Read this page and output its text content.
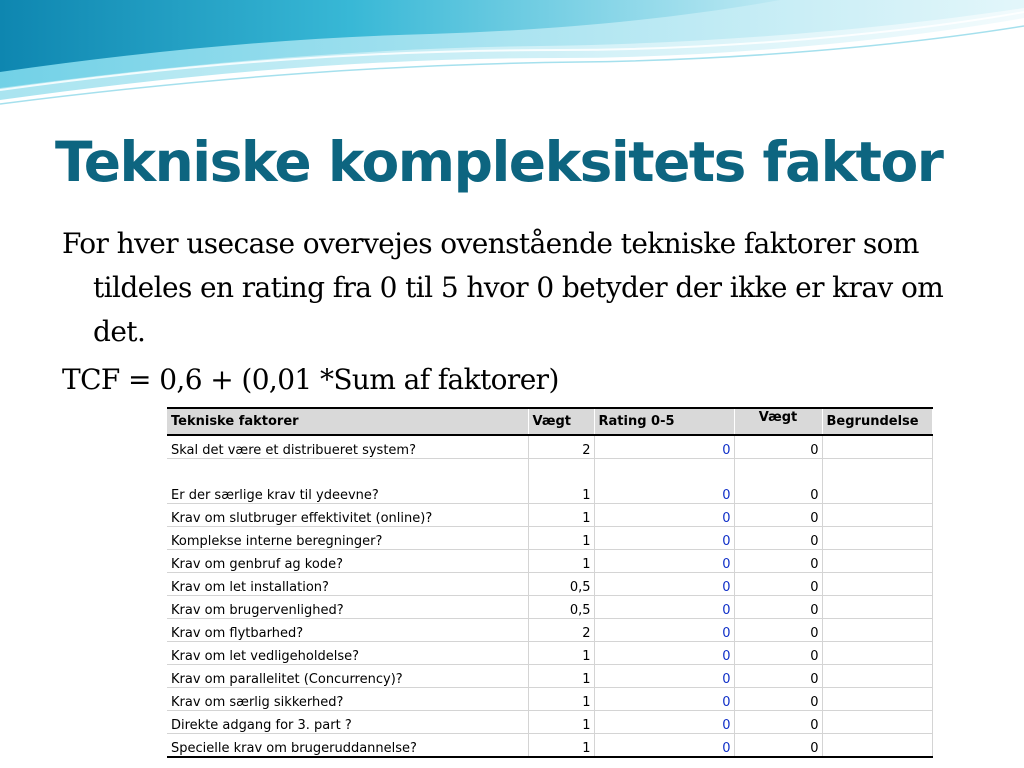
Tekniske kompleksitets faktor

For hver usecase overvejes ovenstående tekniske faktorer som tildeles en rating fra 0 til 5 hvor 0 betyder der ikke er krav om det.

TCF = 0,6 + (0,01 *Sum af faktorer)

Tekniske faktorer	Vægt	Rating 0-5	Vægt	Begrundelse
Skal det være et distribueret system?	2	0	0	
Er der særlige krav til ydeevne?	1	0	0	
Krav om slutbruger effektivitet (online)?	1	0	0	
Komplekse interne beregninger?	1	0	0	
Krav om genbruf ag kode?	1	0	0	
Krav om let installation?	0,5	0	0	
Krav om brugervenlighed?	0,5	0	0	
Krav om flytbarhed?	2	0	0	
Krav om let vedligeholdelse?	1	0	0	
Krav om parallelitet (Concurrency)?	1	0	0	
Krav om særlig sikkerhed?	1	0	0	
Direkte adgang for 3. part ?	1	0	0	
Specielle krav om brugeruddannelse?	1	0	0	
